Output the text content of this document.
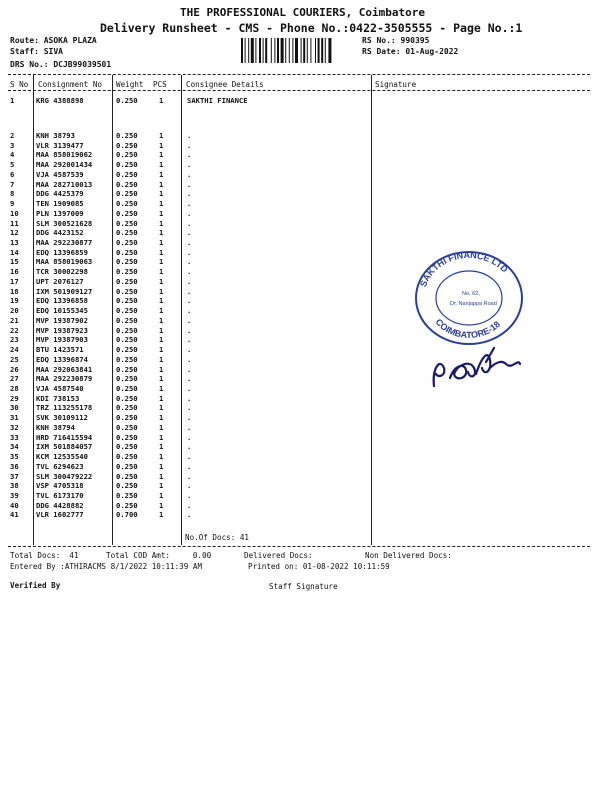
THE PROFESSIONAL COURIERS, Coimbatore
Delivery Runsheet - CMS - Phone No.:0422-3505555 - Page No.:1
Route: ASOKA PLAZA
Staff: SIVA
DRS No.: DCJB99039501
RS No.: 990395
RS Date: 01-Aug-2022
S No Consignment No Weight PCS	Consignee Details	Signature
1	KRG 4388898	0.250	1	SAKTHI FINANCE
2	KNH 38793	0.250	1	.
3	VLR 3139477	0.250	1	.
4	MAA 858019062	0.250	1	.
5	MAA 292001434	0.250	1	.
6	VJA 4587539	0.250	1	.
7	MAA 282710013	0.250	1	.
8	DDG 4425379	0.250	1	.
9	TEN 1909085	0.250	1	.
10 PLN 1397009	0.250	1	.
11 SLM 300521628	0.250	1	.
12 DDG 4423152	0.250	1	.
13 MAA 292230877	0.250	1	.
14 EDQ 13396859	0.250	1	.
15 MAA 858019063	0.250	1	.
16 TCR 30002298	0.250	1	.
17 UPT 2076127	0.250	1	.
18 IXM 501909127	0.250	1	.
19 EDQ 13396858	0.250	1	.
20 EDQ 10155345	0.250	1	.
21 MVP 19387902	0.250	1	.
22 MVP 19387923	0.250	1	.
23 MVP 19387903	0.250	1	.
24 BTU 1423571	0.250	1	.
25 EDQ 13396874	0.250	1	.
26 MAA 292063841	0.250	1	.
27 MAA 292230879	0.250	1	.
28 VJA 4587540	0.250	1	.
29 KDI 738153	0.250	1	.
30 TRZ 113255178	0.250	1	.
31 SVK 30109112	0.250	1	.
32 KNH 38794	0.250	1	.
33 HRD 716415594	0.250	1	.
34 IXM 501884057	0.250	1	.
35 KCM 12535540	0.250	1	.
36 TVL 6294623	0.250	1	.
37 SLM 300479222	0.250	1	.
38 VSP 4705318	0.250	1	.
39 TVL 6173170	0.250	1	.
40 DDG 4428882	0.250	1	.
41 VLR 1602777	0.700	1	.
No.Of Docs: 41
SAKTHI FINANCE LTD
COIMBATORE-18
No. 62,
Dr. Nanjappa Road
Total Docs:  41	Total COD Amt:     0.00	Delivered Docs:	Non Delivered Docs:
Entered By :ATHIRACMS 8/1/2022 10:11:39 AM	Printed on: 01-08-2022 10:11:59
Verified By	Staff Signature
